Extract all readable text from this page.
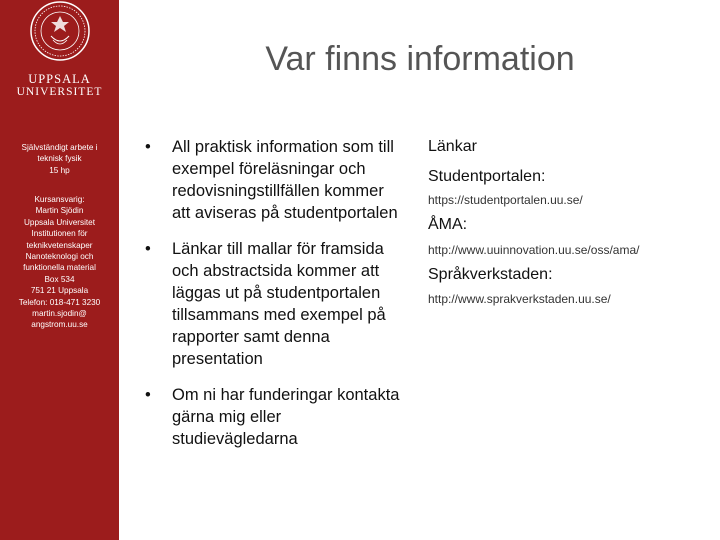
UPPSALA
UNIVERSITET
Självständigt arbete i
teknisk fysik
15 hp
Kursansvarig:
Martin Sjödin
Uppsala Universitet
Institutionen för
teknikvetenskaper
Nanoteknologi och
funktionella material
Box 534
751 21 Uppsala
Telefon: 018-471 3230
martin.sjodin@
angstrom.uu.se
Var finns information
• All praktisk information som till exempel föreläsningar och redovisningstillfällen kommer att aviseras på studentportalen
• Länkar till mallar för framsida och abstractsida kommer att läggas ut på studentportalen tillsammans med exempel på rapporter samt denna presentation
• Om ni har funderingar kontakta gärna mig eller studievägledarna
Länkar
Studentportalen:
https://studentportalen.uu.se/
ÅMA:
http://www.uuinnovation.uu.se/oss/ama/
Språkverkstaden:
http://www.sprakverkstaden.uu.se/
